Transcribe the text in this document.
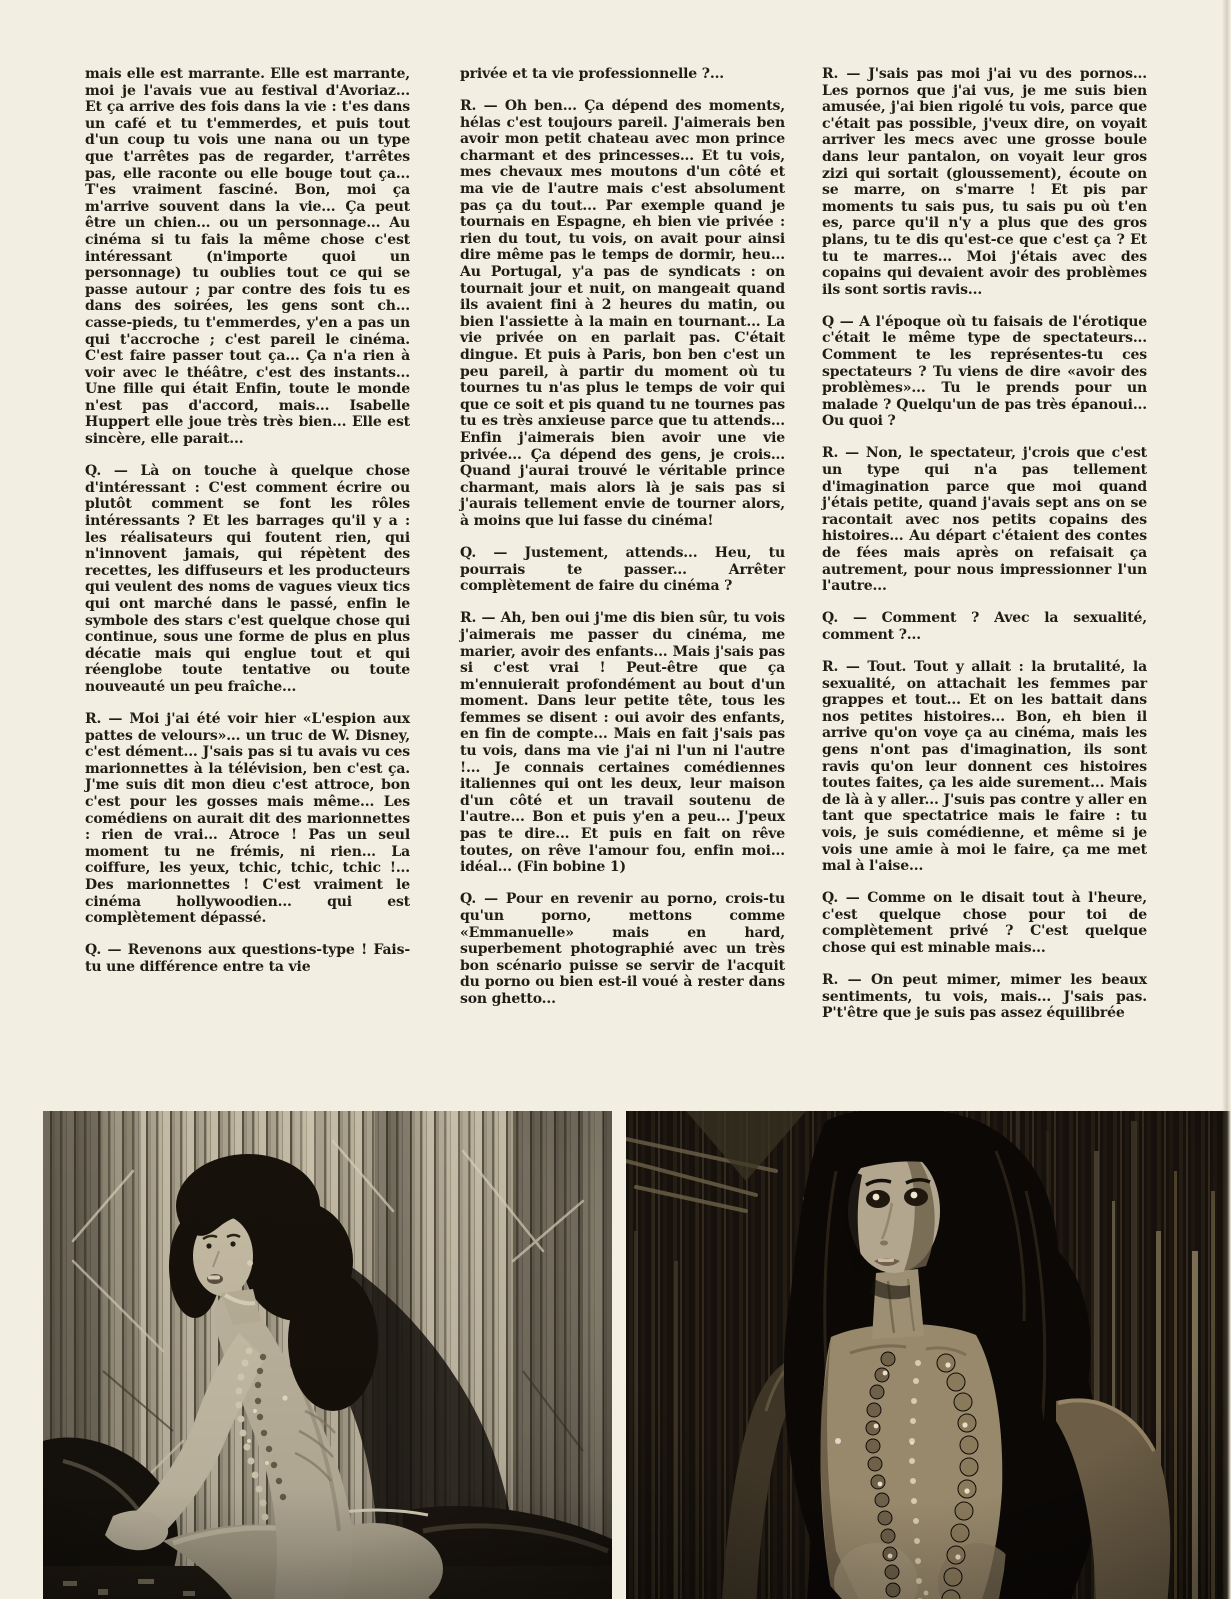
mais elle est marrante. Elle est marrante, moi je l'avais vue au festival d'Avoriaz... Et ça arrive des fois dans la vie : t'es dans un café et tu t'emmerdes, et puis tout d'un coup tu vois une nana ou un type que t'arrêtes pas de regarder, t'arrêtes pas, elle raconte ou elle bouge tout ça... T'es vraiment fasciné. Bon, moi ça m'arrive souvent dans la vie... Ça peut être un chien... ou un personnage... Au cinéma si tu fais la même chose c'est intéressant (n'importe quoi un personnage) tu oublies tout ce qui se passe autour ; par contre des fois tu es dans des soirées, les gens sont ch... casse-pieds, tu t'emmerdes, y'en a pas un qui t'accroche ; c'est pareil le cinéma. C'est faire passer tout ça... Ça n'a rien à voir avec le théâtre, c'est des instants... Une fille qui était Enfin, toute le monde n'est pas d'accord, mais... Isabelle Huppert elle joue très très bien... Elle est sincère, elle parait...

Q. — Là on touche à quelque chose d'intéressant : C'est comment écrire ou plutôt comment se font les rôles intéressants ? Et les barrages qu'il y a : les réalisateurs qui foutent rien, qui n'innovent jamais, qui répètent des recettes, les diffuseurs et les producteurs qui veulent des noms de vagues vieux tics qui ont marché dans le passé, enfin le symbole des stars c'est quelque chose qui continue, sous une forme de plus en plus décatie mais qui englue tout et qui réenglobe toute tentative ou toute nouveauté un peu fraîche...

R. — Moi j'ai été voir hier «L'espion aux pattes de velours»... un truc de W. Disney, c'est dément... J'sais pas si tu avais vu ces marionnettes à la télévision, ben c'est ça. J'me suis dit mon dieu c'est attroce, bon c'est pour les gosses mais même... Les comédiens on aurait dit des marionnettes : rien de vrai... Atroce ! Pas un seul moment tu ne frémis, ni rien... La coiffure, les yeux, tchic, tchic, tchic !... Des marionnettes ! C'est vraiment le cinéma hollywoodien... qui est complètement dépassé.

Q. — Revenons aux questions-type ! Fais-tu une différence entre ta vie

privée et ta vie professionnelle ?...

R. — Oh ben... Ça dépend des moments, hélas c'est toujours pareil. J'aimerais ben avoir mon petit chateau avec mon prince charmant et des princesses... Et tu vois, mes chevaux mes moutons d'un côté et ma vie de l'autre mais c'est absolument pas ça du tout... Par exemple quand je tournais en Espagne, eh bien vie privée : rien du tout, tu vois, on avait pour ainsi dire même pas le temps de dormir, heu... Au Portugal, y'a pas de syndicats : on tournait jour et nuit, on mangeait quand ils avaient fini à 2 heures du matin, ou bien l'assiette à la main en tournant... La vie privée on en parlait pas. C'était dingue. Et puis à Paris, bon ben c'est un peu pareil, à partir du moment où tu tournes tu n'as plus le temps de voir qui que ce soit et pis quand tu ne tournes pas tu es très anxieuse parce que tu attends... Enfin j'aimerais bien avoir une vie privée... Ça dépend des gens, je crois... Quand j'aurai trouvé le véritable prince charmant, mais alors là je sais pas si j'aurais tellement envie de tourner alors, à moins que lui fasse du cinéma!

Q. — Justement, attends... Heu, tu pourrais te passer... Arrêter complètement de faire du cinéma ?

R. — Ah, ben oui j'me dis bien sûr, tu vois j'aimerais me passer du cinéma, me marier, avoir des enfants... Mais j'sais pas si c'est vrai ! Peut-être que ça m'ennuierait profondément au bout d'un moment. Dans leur petite tête, tous les femmes se disent : oui avoir des enfants, en fin de compte... Mais en fait j'sais pas tu vois, dans ma vie j'ai ni l'un ni l'autre !... Je connais certaines comédiennes italiennes qui ont les deux, leur maison d'un côté et un travail soutenu de l'autre... Bon et puis y'en a peu... J'peux pas te dire... Et puis en fait on rêve toutes, on rêve l'amour fou, enfin moi... idéal... (Fin bobine 1)

Q. — Pour en revenir au porno, crois-tu qu'un porno, mettons comme «Emmanuelle» mais en hard, superbement photographié avec un très bon scénario puisse se servir de l'acquit du porno ou bien est-il voué à rester dans son ghetto...

R. — J'sais pas moi j'ai vu des pornos... Les pornos que j'ai vus, je me suis bien amusée, j'ai bien rigolé tu vois, parce que c'était pas possible, j'veux dire, on voyait arriver les mecs avec une grosse boule dans leur pantalon, on voyait leur gros zizi qui sortait (gloussement), écoute on se marre, on s'marre ! Et pis par moments tu sais pus, tu sais pu où t'en es, parce qu'il n'y a plus que des gros plans, tu te dis qu'est-ce que c'est ça ? Et tu te marres... Moi j'étais avec des copains qui devaient avoir des problèmes ils sont sortis ravis...

Q — A l'époque où tu faisais de l'érotique c'était le même type de spectateurs... Comment te les représentes-tu ces spectateurs ? Tu viens de dire «avoir des problèmes»... Tu le prends pour un malade ? Quelqu'un de pas très épanoui... Ou quoi ?

R. — Non, le spectateur, j'crois que c'est un type qui n'a pas tellement d'imagination parce que moi quand j'étais petite, quand j'avais sept ans on se racontait avec nos petits copains des histoires... Au départ c'étaient des contes de fées mais après on refaisait ça autrement, pour nous impressionner l'un l'autre...

Q. — Comment ? Avec la sexualité, comment ?...

R. — Tout. Tout y allait : la brutalité, la sexualité, on attachait les femmes par grappes et tout... Et on les battait dans nos petites histoires... Bon, eh bien il arrive qu'on voye ça au cinéma, mais les gens n'ont pas d'imagination, ils sont ravis qu'on leur donnent ces histoires toutes faites, ça les aide surement... Mais de là à y aller... J'suis pas contre y aller en tant que spectatrice mais le faire : tu vois, je suis comédienne, et même si je vois une amie à moi le faire, ça me met mal à l'aise...

Q. — Comme on le disait tout à l'heure, c'est quelque chose pour toi de complètement privé ? C'est quelque chose qui est minable mais...

R. — On peut mimer, mimer les beaux sentiments, tu vois, mais... J'sais pas. P't'être que je suis pas assez équilibrée
